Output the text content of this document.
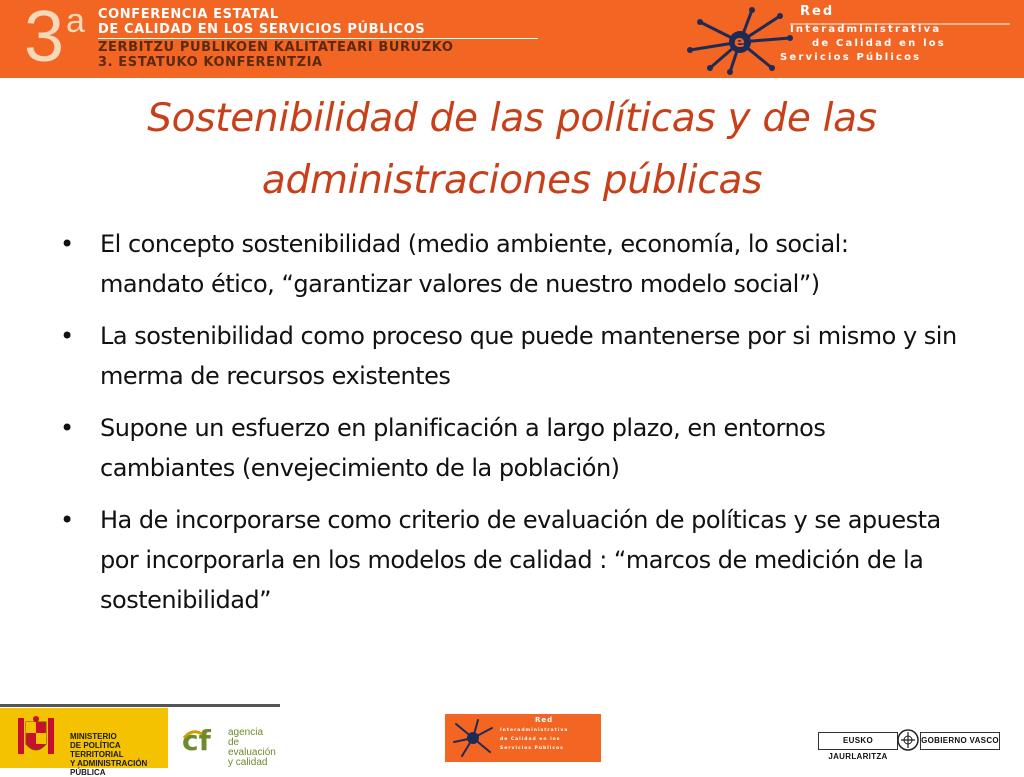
3 a CONFERENCIA ESTATAL
DE CALIDAD EN LOS SERVICIOS PÚBLICOS
ZERBITZU PUBLIKOEN KALITATEARI BURUZKO
3. ESTATUKO KONFERENTZIA
e
Red
Interadministrativa
de Calidad en los
Servicios Públicos
Sostenibilidad de las políticas y de las administraciones públicas
• El concepto sostenibilidad (medio ambiente, economía, lo social: mandato ético, “garantizar valores de nuestro modelo social”)
• La sostenibilidad como proceso que puede mantenerse por si mismo y sin merma de recursos existentes
• Supone un esfuerzo en planificación a largo plazo, en entornos cambiantes (envejecimiento de la población)
• Ha de incorporarse como criterio de evaluación de políticas y se apuesta por incorporarla en los modelos de calidad : “marcos de medición de la sostenibilidad”
MINISTERIO
DE POLÍTICA TERRITORIAL
Y ADMINISTRACIÓN PÚBLICA
cf agencia
de evaluación
y calidad
Red
Interadministrativa
de Calidad en los
Servicios Públicos
EUSKO JAURLARITZA
GOBIERNO VASCO
